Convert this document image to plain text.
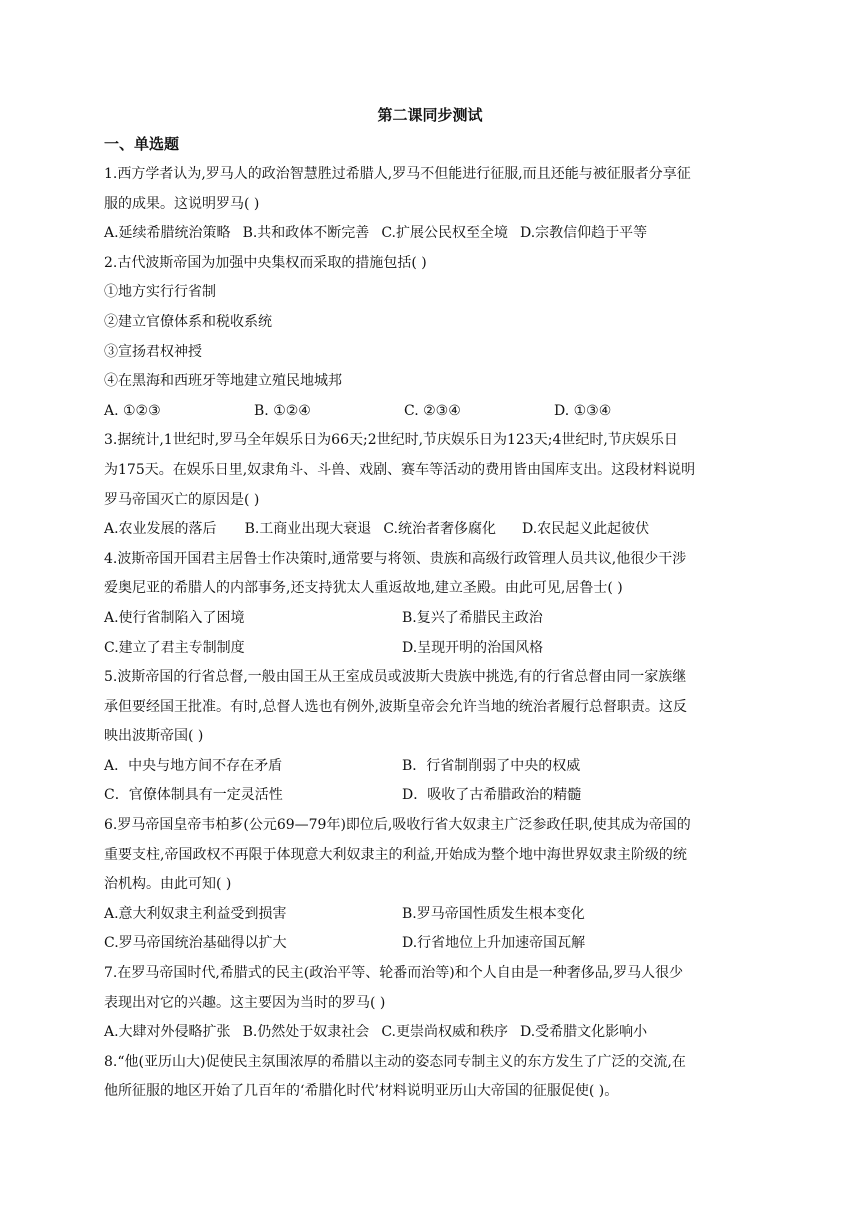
第二课同步测试
一、单选题
1.西方学者认为,罗马人的政治智慧胜过希腊人,罗马不但能进行征服,而且还能与被征服者分享征
服的成果。这说明罗马( )
A.延续希腊统治策略 B.共和政体不断完善 C.扩展公民权至全境 D.宗教信仰趋于平等
2.古代波斯帝国为加强中央集权而采取的措施包括( )
①地方实行行省制
②建立官僚体系和税收系统
③宣扬君权神授
④在黑海和西班牙等地建立殖民地城邦
A. ①②③	B. ①②④	C. ②③④	D. ①③④
3.据统计,1世纪时,罗马全年娱乐日为66天;2世纪时,节庆娱乐日为123天;4世纪时,节庆娱乐日
为175天。在娱乐日里,奴隶角斗、斗兽、戏剧、赛车等活动的费用皆由国库支出。这段材料说明
罗马帝国灭亡的原因是( )
A.农业发展的落后 B.工商业出现大衰退 C.统治者奢侈腐化 D.农民起义此起彼伏
4.波斯帝国开国君主居鲁士作决策时,通常要与将领、贵族和高级行政管理人员共议,他很少干涉
爱奥尼亚的希腊人的内部事务,还支持犹太人重返故地,建立圣殿。由此可见,居鲁士( )
A.使行省制陷入了困境	B.复兴了希腊民主政治
C.建立了君主专制制度	D.呈现开明的治国风格
5.波斯帝国的行省总督,一般由国王从王室成员或波斯大贵族中挑选,有的行省总督由同一家族继
承但要经国王批准。有时,总督人选也有例外,波斯皇帝会允许当地的统治者履行总督职责。这反
映出波斯帝国( )
A．中央与地方间不存在矛盾	B．行省制削弱了中央的权威
C．官僚体制具有一定灵活性	D．吸收了古希腊政治的精髓
6.罗马帝国皇帝韦柏芗(公元69—79年)即位后,吸收行省大奴隶主广泛参政任职,使其成为帝国的
重要支柱,帝国政权不再限于体现意大利奴隶主的利益,开始成为整个地中海世界奴隶主阶级的统
治机构。由此可知( )
A.意大利奴隶主利益受到损害	B.罗马帝国性质发生根本变化
C.罗马帝国统治基础得以扩大	D.行省地位上升加速帝国瓦解
7.在罗马帝国时代,希腊式的民主(政治平等、轮番而治等)和个人自由是一种奢侈品,罗马人很少
表现出对它的兴趣。这主要因为当时的罗马( )
A.大肆对外侵略扩张 B.仍然处于奴隶社会 C.更崇尚权威和秩序 D.受希腊文化影响小
8.“他(亚历山大)促使民主氛围浓厚的希腊以主动的姿态同专制主义的东方发生了广泛的交流,在
他所征服的地区开始了几百年的‘希腊化时代’材料说明亚历山大帝国的征服促使( )。
